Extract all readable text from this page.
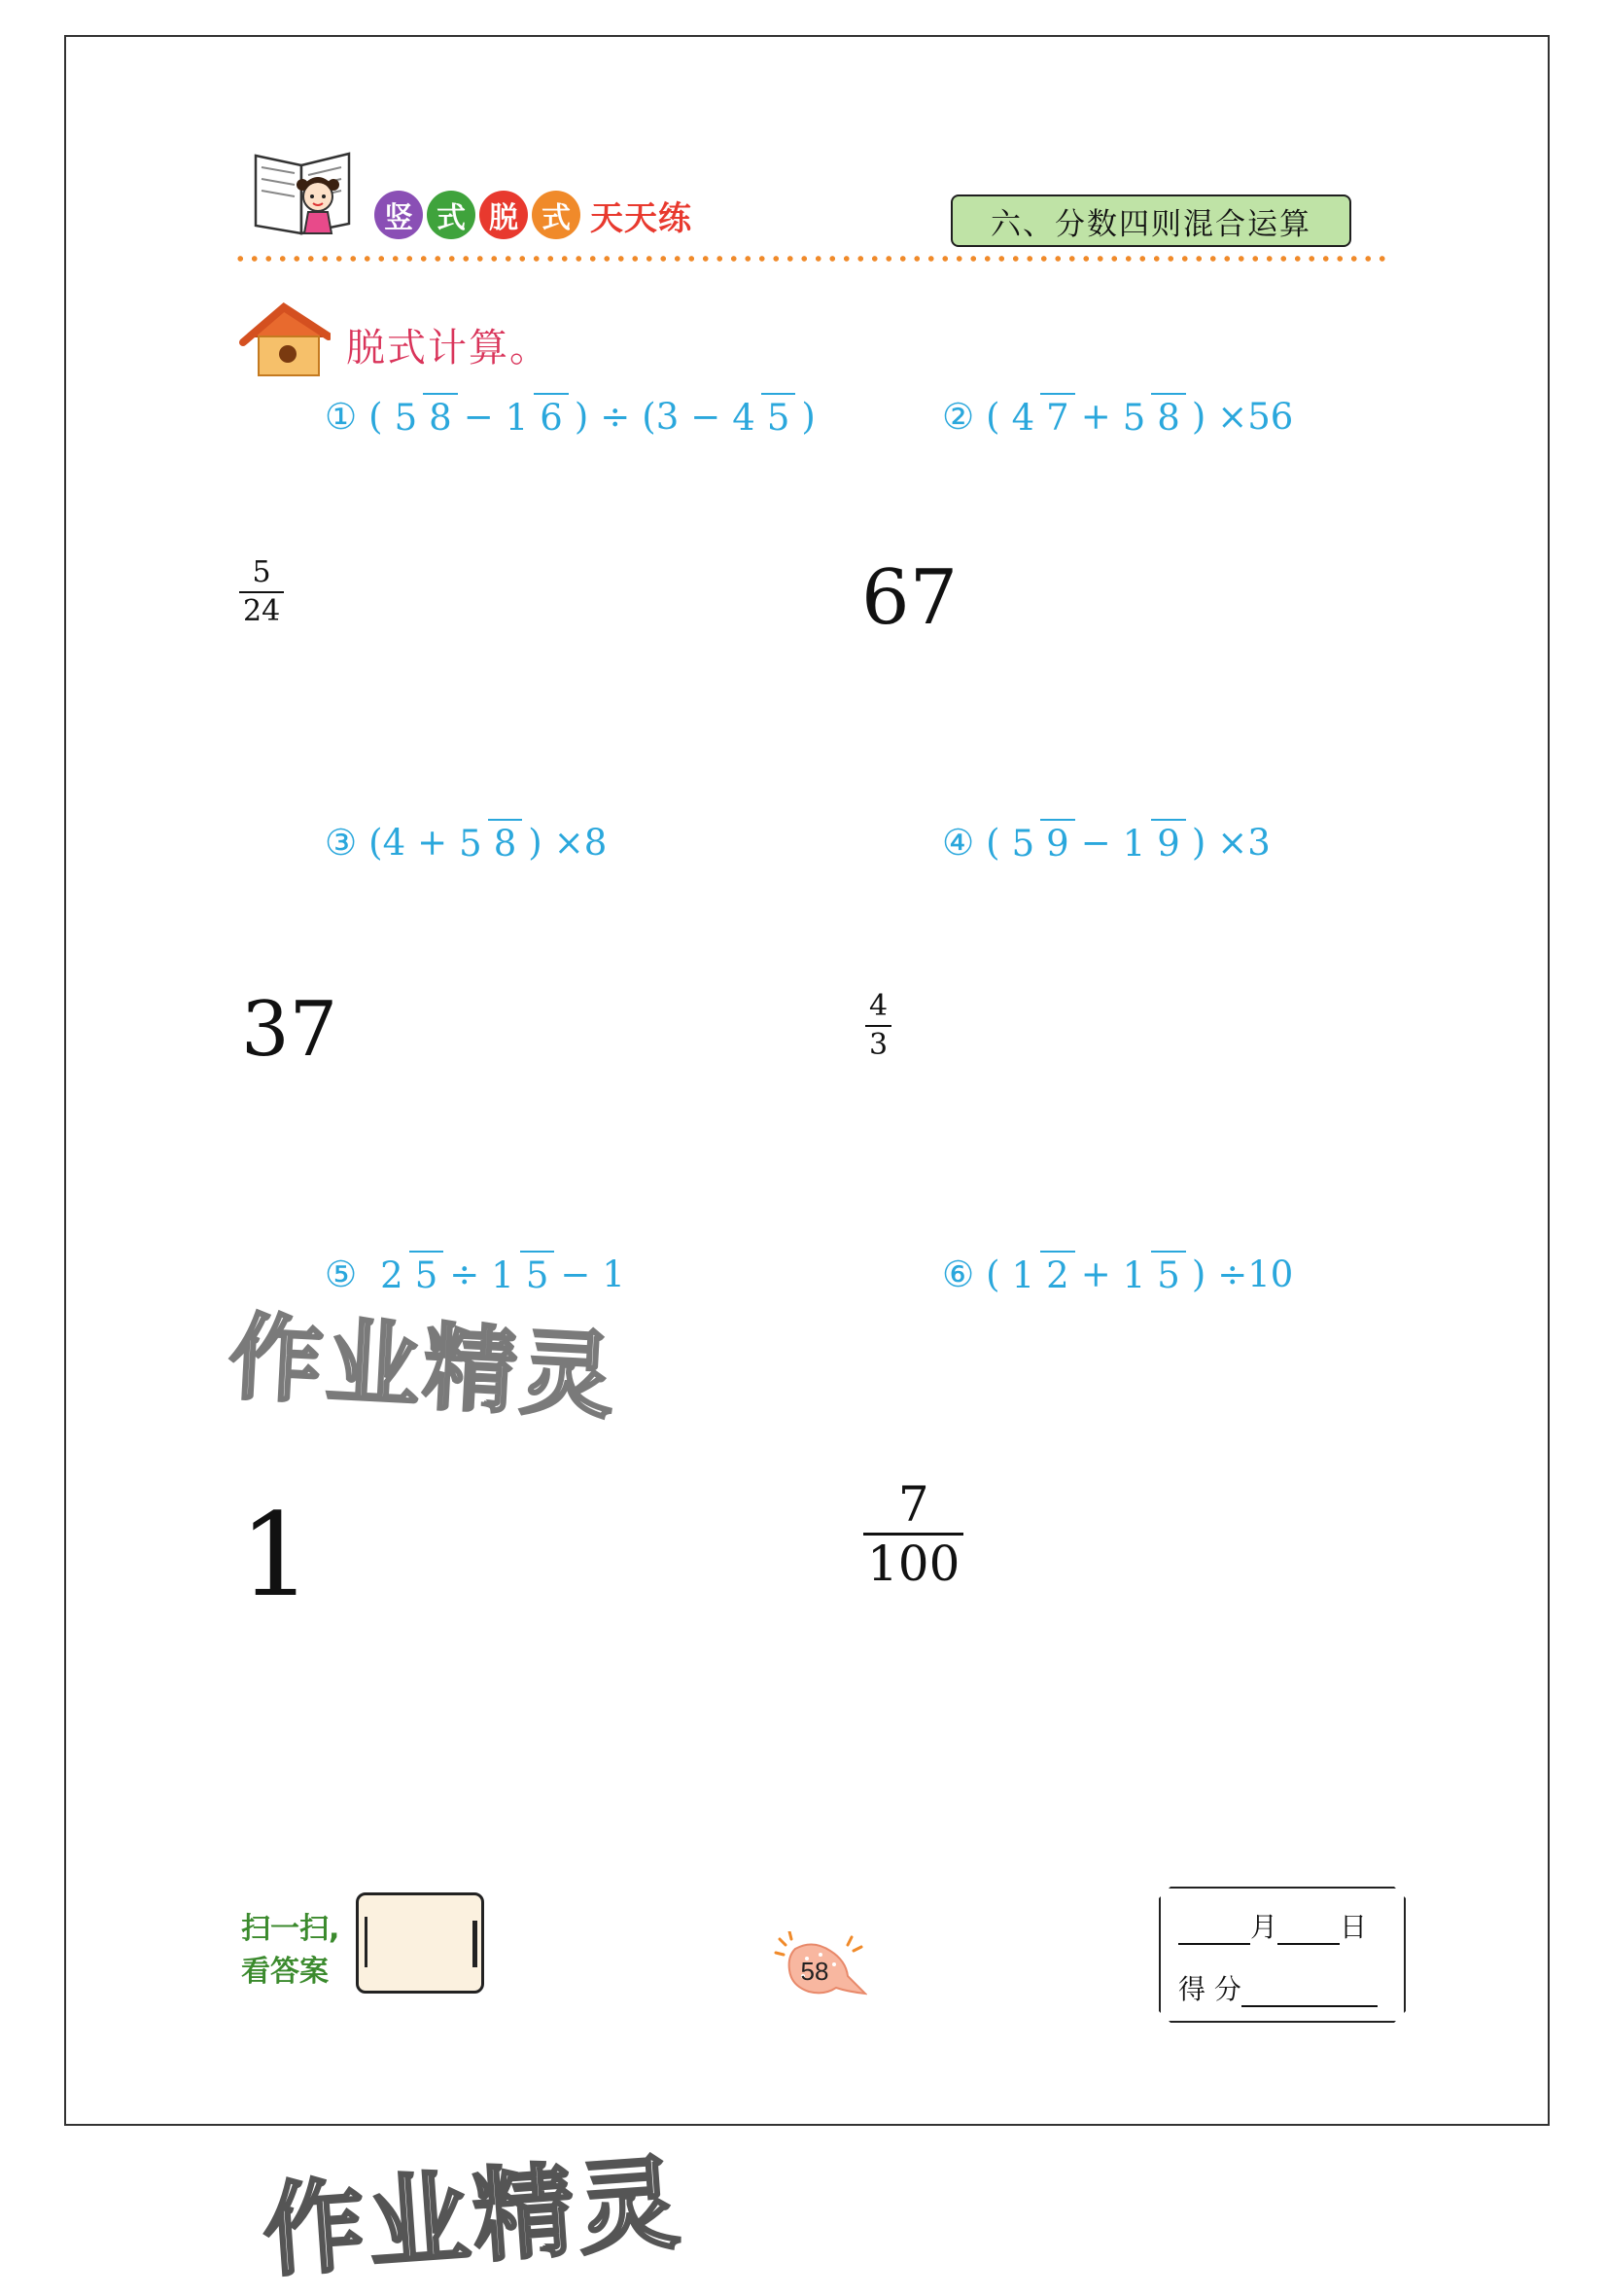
竖 式 脱 式 天天练	六、分数四则混合运算
脱式计算。
① ( 5 8 − 1 6 ) ÷ (3 − 4 5 )	② ( 4 7 + 5 8 ) ×56
$\frac{5}{24}$	67
③ (4 + 5 8 ) ×8	④ ( 5 9 − 1 9 ) ×3
37	$\frac{4}{3}$
⑤ 2 5 ÷ 1 5 − 1	⑥ ( 1 2 + 1 5 ) ÷10
作业精灵
1	$\frac{7}{100}$
扫一扫,
看答案	58
月 日
得 分
作业精灵
